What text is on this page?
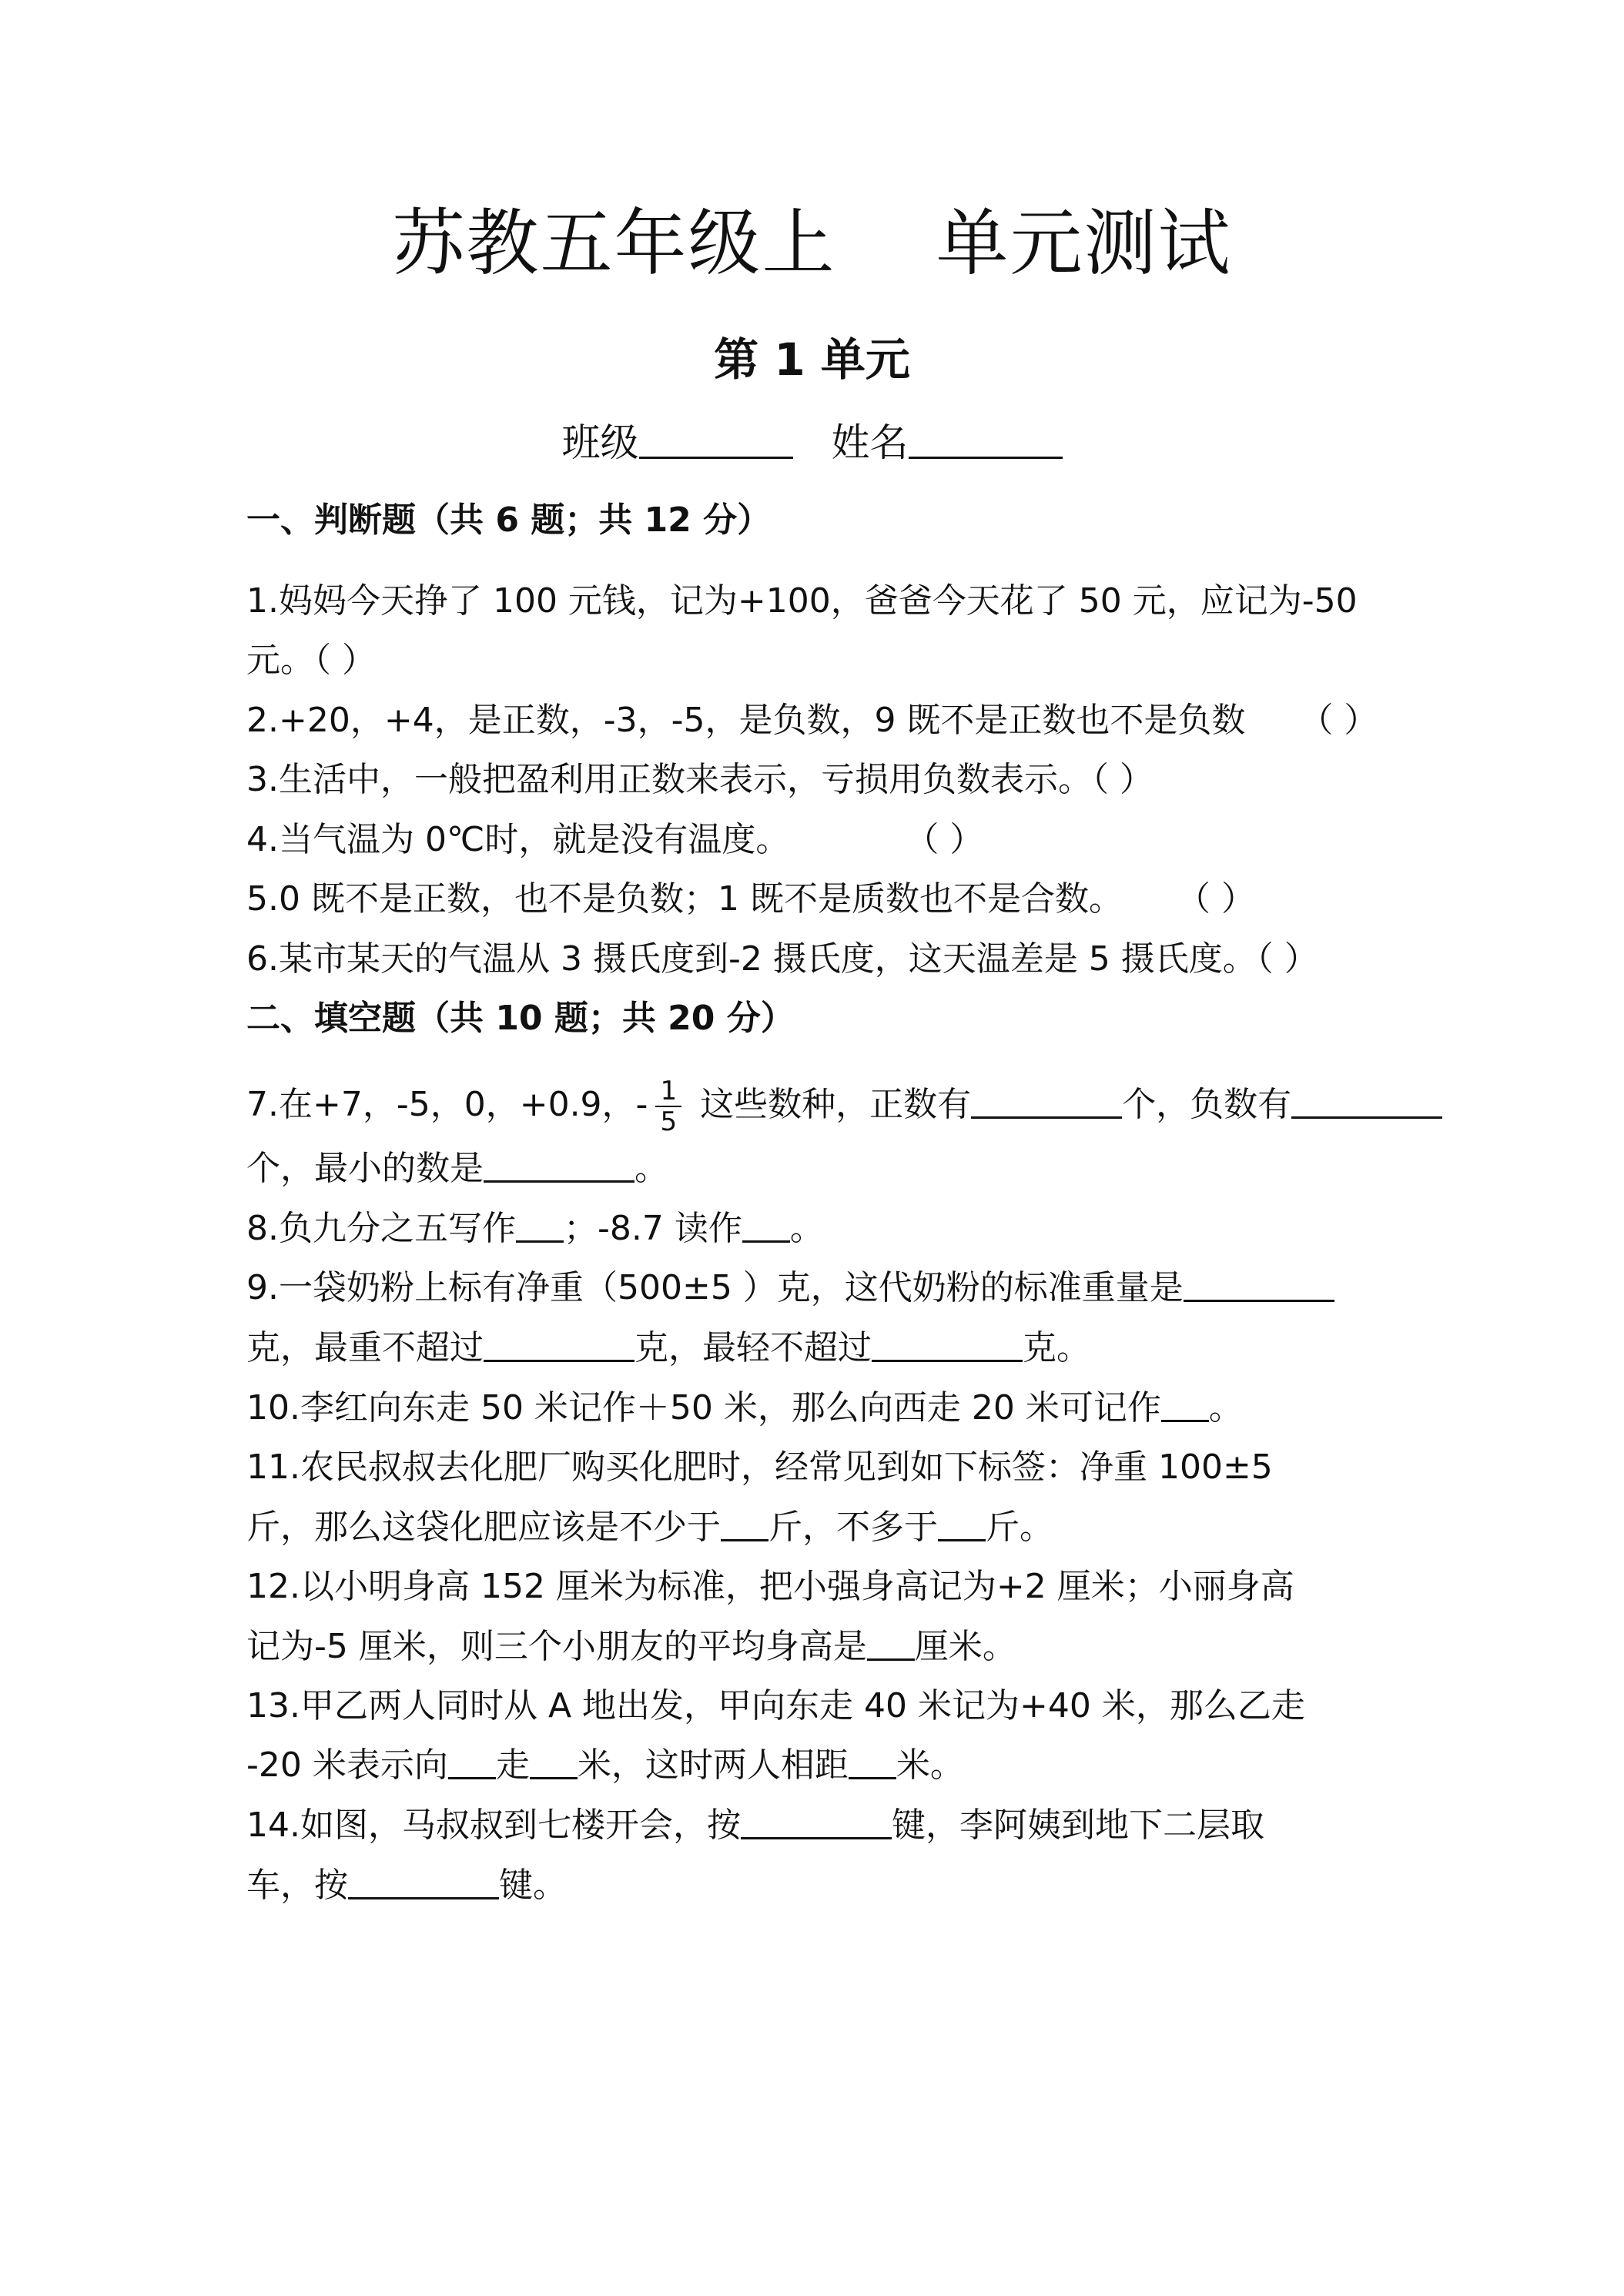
苏教五年级上 单元测试
第 1 单元
班级	姓名
一、判断题（共 6 题；共 12 分）
1.妈妈今天挣了 100 元钱，记为+100，爸爸今天花了 50 元，应记为-50
元。（ ）
2.+20，+4，是正数，-3，-5，是负数，9 既不是正数也不是负数 （ ）
3.生活中，一般把盈利用正数来表示，亏损用负数表示。（ ）
4.当气温为 0℃时，就是没有温度。	（ ）
5.0 既不是正数，也不是负数；1 既不是质数也不是合数。 （ ）
6.某市某天的气温从 3 摄氏度到-2 摄氏度，这天温差是 5 摄氏度。（ ）
二、填空题（共 10 题；共 20 分）
7.在+7，-5，0，+0.9，- $\frac{1}{5}$ 这些数种，正数有	个，负数有
个，最小的数是	。
8.负九分之五写作 ；-8.7 读作 。
9.一袋奶粉上标有净重（500±5 ）克，这代奶粉的标准重量是
克，最重不超过	克，最轻不超过	克。
10.李红向东走 50 米记作＋50 米，那么向西走 20 米可记作 。
11.农民叔叔去化肥厂购买化肥时，经常见到如下标签：净重 100±5
斤，那么这袋化肥应该是不少于 斤，不多于 斤。
12.以小明身高 152 厘米为标准，把小强身高记为+2 厘米；小丽身高
记为-5 厘米，则三个小朋友的平均身高是 厘米。
13.甲乙两人同时从 A 地出发，甲向东走 40 米记为+40 米，那么乙走
-20 米表示向 走 米，这时两人相距 米。
14.如图，马叔叔到七楼开会，按	键，李阿姨到地下二层取
车，按	键。
